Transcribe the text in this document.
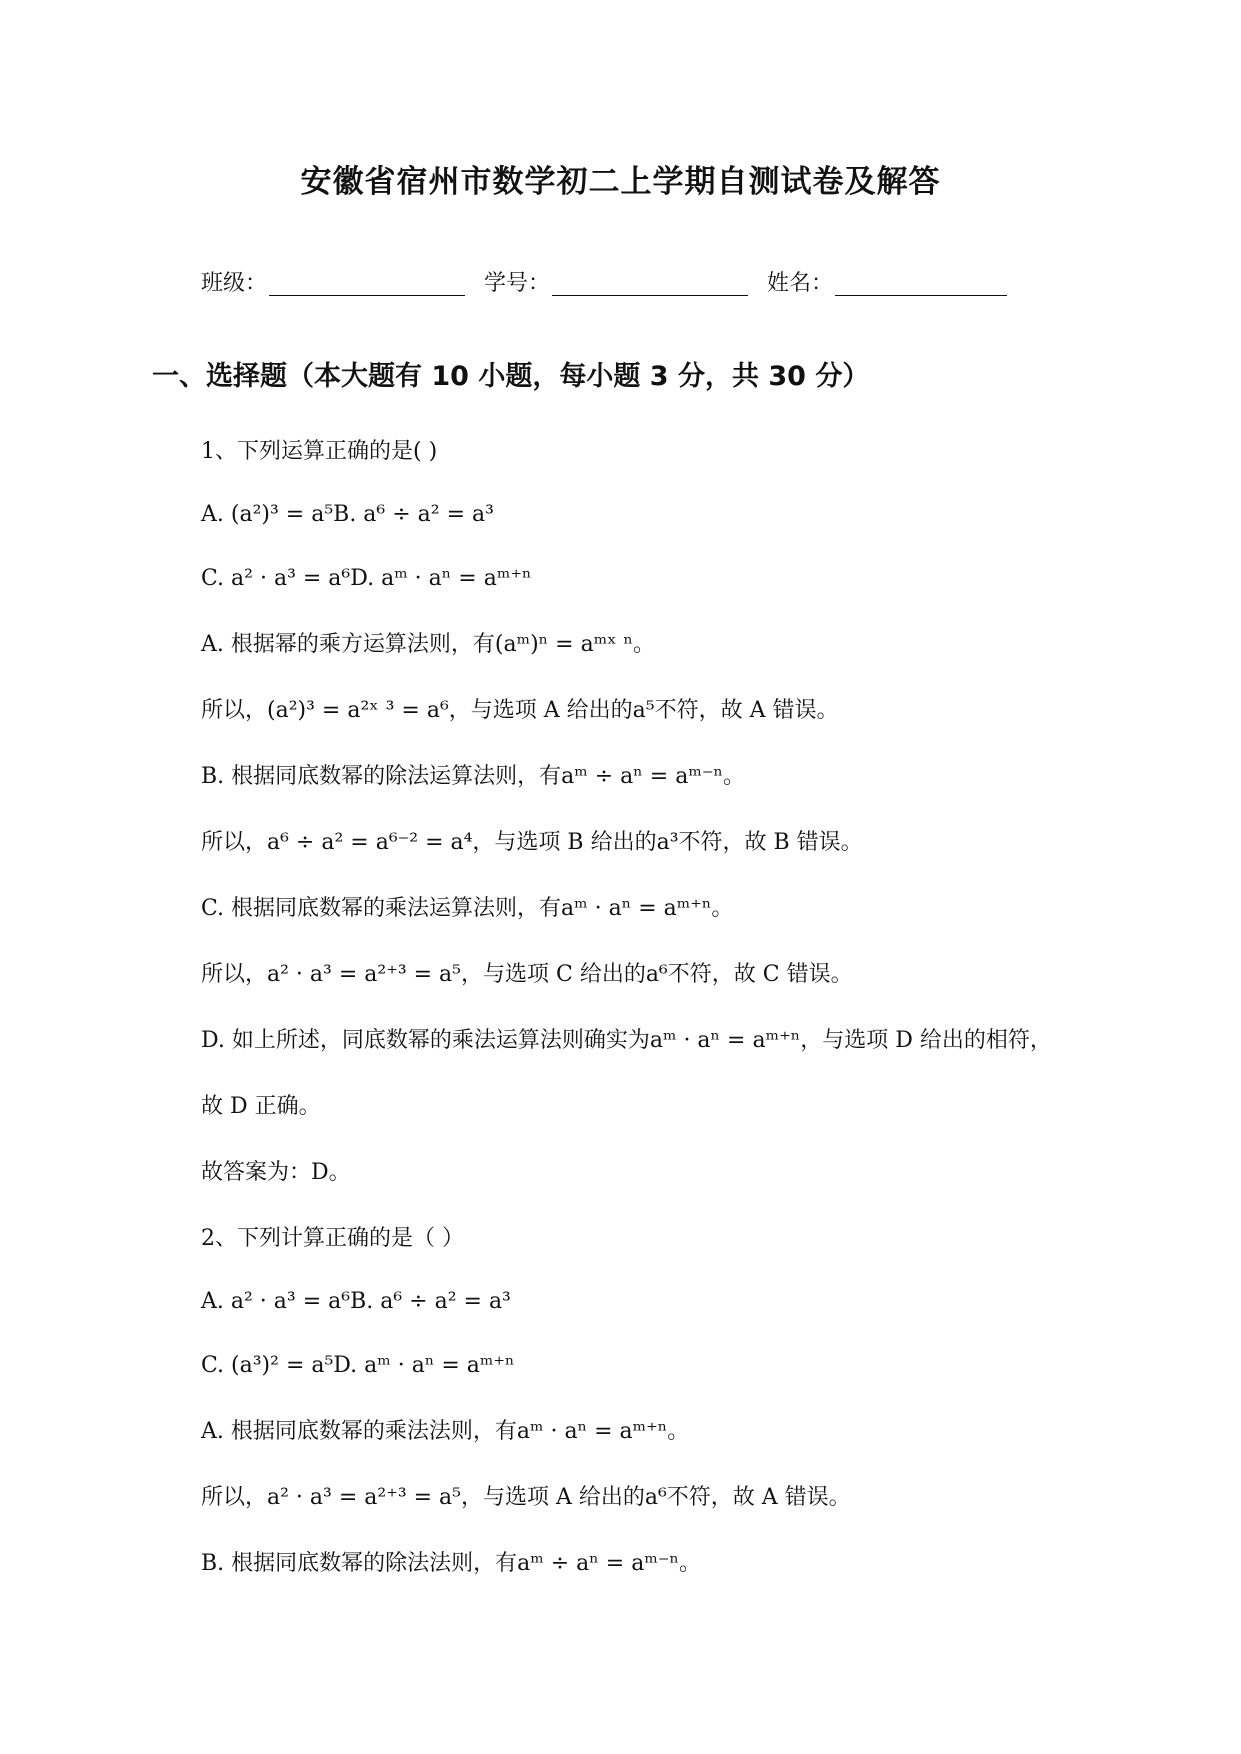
安徽省宿州市数学初二上学期自测试卷及解答
班级：	学号：	姓名：
一、选择题（本大题有 10 小题，每小题 3 分，共 30 分）
1、下列运算正确的是( )
A. (a²)³ = a⁵B. a⁶ ÷ a² = a³
C. a² · a³ = a⁶D. aᵐ · aⁿ = aᵐ⁺ⁿ
A. 根据幂的乘方运算法则，有(aᵐ)ⁿ = aᵐˣ ⁿ。
所以，(a²)³ = a²ˣ ³ = a⁶，与选项 A 给出的a⁵不符，故 A 错误。
B. 根据同底数幂的除法运算法则，有aᵐ ÷ aⁿ = aᵐ⁻ⁿ。
所以，a⁶ ÷ a² = a⁶⁻² = a⁴，与选项 B 给出的a³不符，故 B 错误。
C. 根据同底数幂的乘法运算法则，有aᵐ · aⁿ = aᵐ⁺ⁿ。
所以，a² · a³ = a²⁺³ = a⁵，与选项 C 给出的a⁶不符，故 C 错误。
D. 如上所述，同底数幂的乘法运算法则确实为aᵐ · aⁿ = aᵐ⁺ⁿ，与选项 D 给出的相符，
故 D 正确。
故答案为：D。
2、下列计算正确的是（ ）
A. a² · a³ = a⁶B. a⁶ ÷ a² = a³
C. (a³)² = a⁵D. aᵐ · aⁿ = aᵐ⁺ⁿ
A. 根据同底数幂的乘法法则，有aᵐ · aⁿ = aᵐ⁺ⁿ。
所以，a² · a³ = a²⁺³ = a⁵，与选项 A 给出的a⁶不符，故 A 错误。
B. 根据同底数幂的除法法则，有aᵐ ÷ aⁿ = aᵐ⁻ⁿ。
